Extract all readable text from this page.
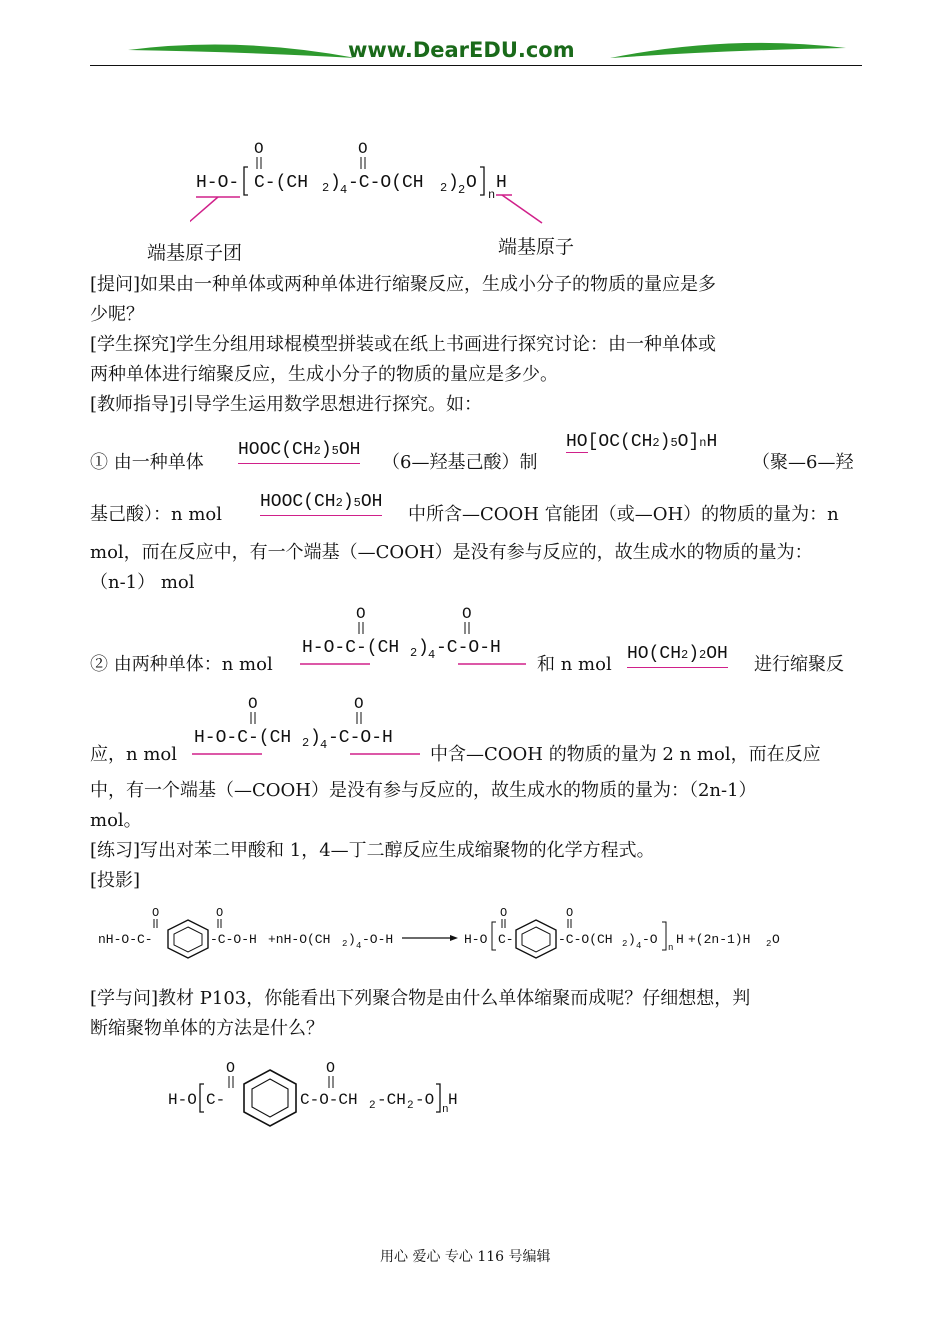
www.DearEDU.com
H-O- C-(CH 2 ) 4 -C-O(CH 2 ) 2 O
n
H
O	O
端基原子团	端基原子
[提问]如果由一种单体或两种单体进行缩聚反应，生成小分子的物质的量应是多
少呢？
[学生探究]学生分组用球棍模型拼装或在纸上书画进行探究讨论：由一种单体或
两种单体进行缩聚反应，生成小分子的物质的量应是多少。
[教师指导]引导学生运用数学思想进行探究。如：
① 由一种单体
HOOC(CH2)5OH
（6—羟基己酸）制
HO[OC(CH2)5O]nH
（聚—6—羟
基己酸）：n mol
HOOC(CH2)5OH
中所含—COOH 官能团（或—OH）的物质的量为：n
mol，而在反应中，有一个端基（—COOH）是没有参与反应的，故生成水的物质的量为：
（n-1） mol
② 由两种单体：n mol
H-O-C-(CH 2 ) 4 -C-O-H
O	O
和 n mol HO(CH2)2OH 进行缩聚反
应，n mol
H-O-C-(CH 2 ) 4 -C-O-H
O	O
中含—COOH 的物质的量为 2 n mol，而在反应
中，有一个端基（—COOH）是没有参与反应的，故生成水的物质的量为：（2n-1）
mol。
[练习]写出对苯二甲酸和 1，4—丁二醇反应生成缩聚物的化学方程式。
[投影]
nH-O-C-
O
-C-O-H
O
+nH-O(CH 2 ) 4 -O-H	H-O C-
O
-C-O(CH
O
2 ) 4 -O
n
H +(2n-1)H 2 O
[学与问]教材 P103，你能看出下列聚合物是由什么单体缩聚而成呢？仔细想想，判
断缩聚物单体的方法是什么？
H-O C-
O
C-O-CH
O
2 -CH 2 -O
n
H
用心 爱心 专心 116 号编辑
